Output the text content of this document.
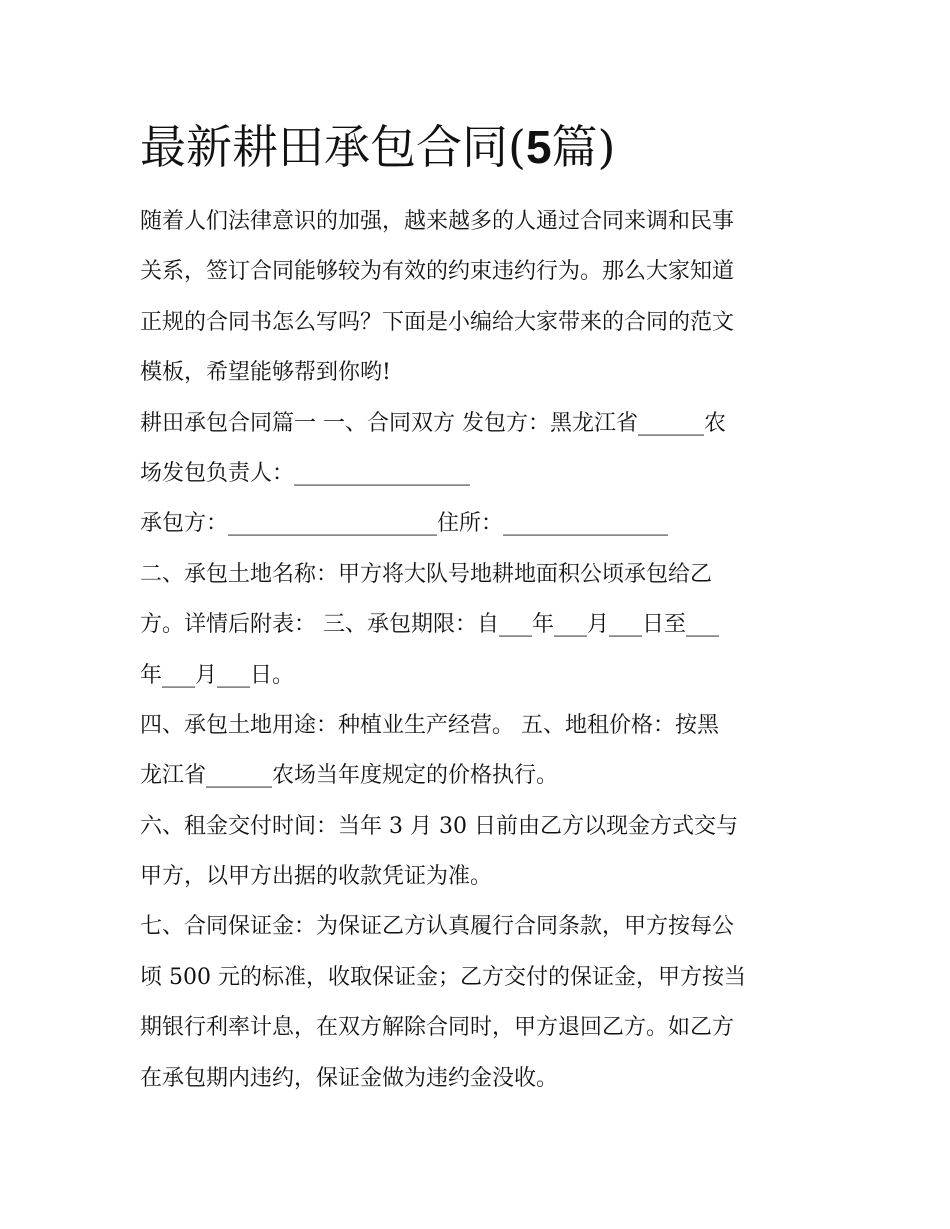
最新耕田承包合同(5篇)
随着人们法律意识的加强，越来越多的人通过合同来调和民事
关系，签订合同能够较为有效的约束违约行为。那么大家知道
正规的合同书怎么写吗？下面是小编给大家带来的合同的范文
模板，希望能够帮到你哟!
耕田承包合同篇一 一、合同双方 发包方：黑龙江省______农
场发包负责人：________________
承包方：___________________住所：_______________
二、承包土地名称：甲方将大队号地耕地面积公顷承包给乙
方。详情后附表： 三、承包期限：自___年___月___日至___
年___月___日。
四、承包土地用途：种植业生产经营。 五、地租价格：按黑
龙江省______农场当年度规定的价格执行。
六、租金交付时间：当年 3 月 30 日前由乙方以现金方式交与
甲方，以甲方出据的收款凭证为准。
七、合同保证金：为保证乙方认真履行合同条款，甲方按每公
顷 500 元的标准，收取保证金；乙方交付的保证金，甲方按当
期银行利率计息，在双方解除合同时，甲方退回乙方。如乙方
在承包期内违约，保证金做为违约金没收。
